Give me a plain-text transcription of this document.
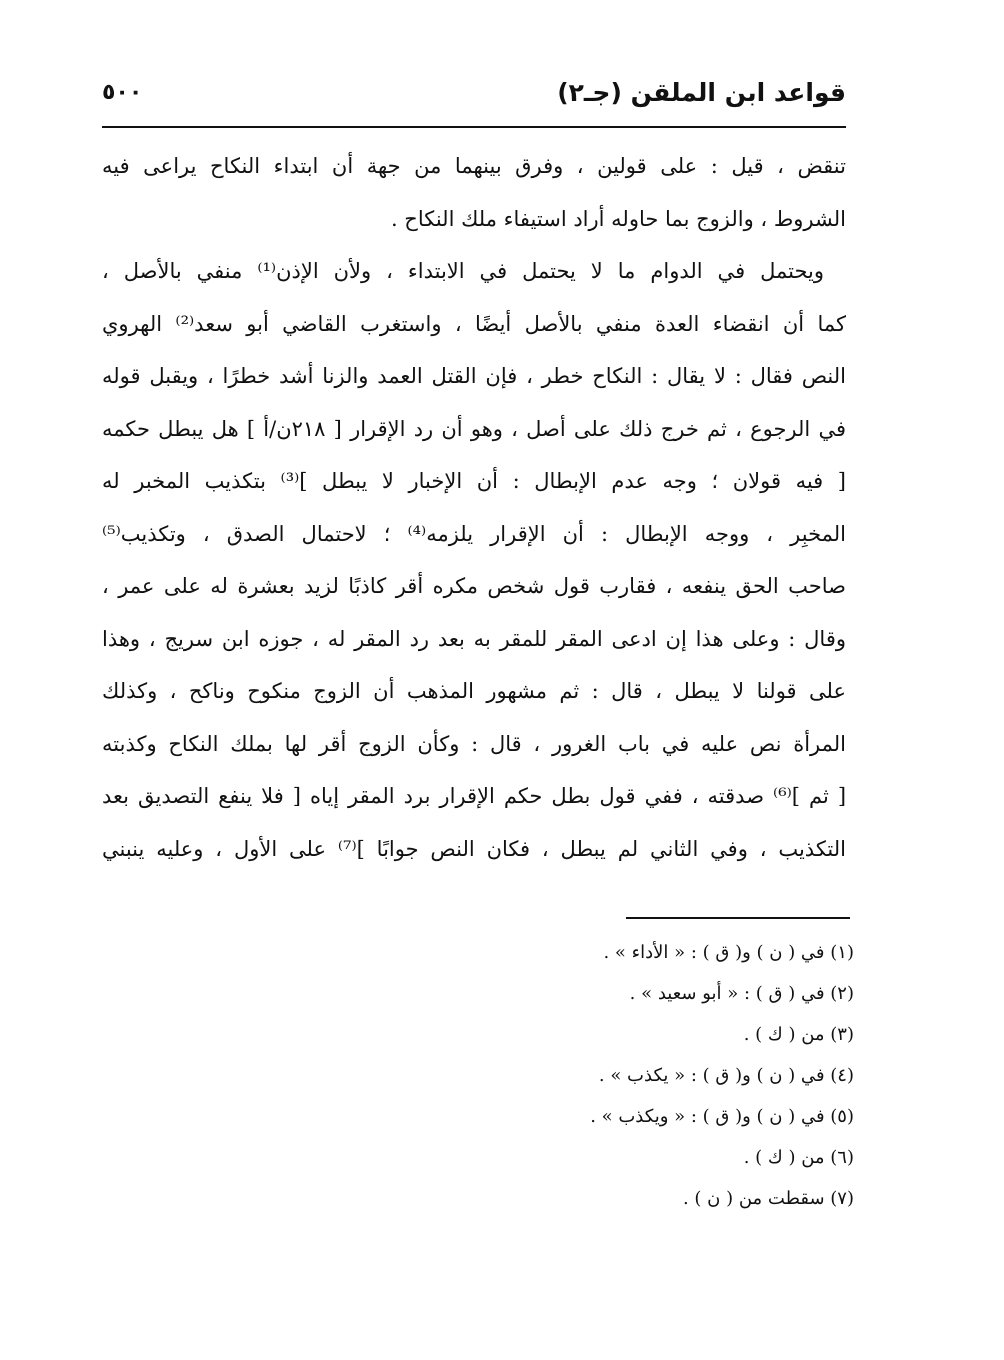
قواعد ابن الملقن (جـ٢)
٥٠٠
تنقض ، قيل : على قولين ، وفرق بينهما من جهة أن ابتداء النكاح يراعى فيه
الشروط ، والزوج بما حاوله أراد استيفاء ملك النكاح .
ويحتمل في الدوام ما لا يحتمل في الابتداء ، ولأن الإذن⁽¹⁾ منفي بالأصل ،
كما أن انقضاء العدة منفي بالأصل أيضًا ، واستغرب القاضي أبو سعد⁽²⁾ الهروي
النص فقال : لا يقال : النكاح خطر ، فإن القتل العمد والزنا أشد خطرًا ، ويقبل قوله
في الرجوع ، ثم خرج ذلك على أصل ، وهو أن رد الإقرار [ ٢١٨ن/أ ] هل يبطل حكمه
[ فيه قولان ؛ وجه عدم الإبطال : أن الإخبار لا يبطل ]⁽³⁾ بتكذيب المخبر له
المخبِر ، ووجه الإبطال : أن الإقرار يلزمه⁽⁴⁾ ؛ لاحتمال الصدق ، وتكذيب⁽⁵⁾
صاحب الحق ينفعه ، فقارب قول شخص مكره أقر كاذبًا لزيد بعشرة له على عمر ،
وقال : وعلى هذا إن ادعى المقر للمقر به بعد رد المقر له ، جوزه ابن سريج ، وهذا
على قولنا لا يبطل ، قال : ثم مشهور المذهب أن الزوج منكوح وناكح ، وكذلك
المرأة نص عليه في باب الغرور ، قال : وكأن الزوج أقر لها بملك النكاح وكذبته
[ ثم ]⁽⁶⁾ صدقته ، ففي قول بطل حكم الإقرار برد المقر إياه [ فلا ينفع التصديق بعد
التكذيب ، وفي الثاني لم يبطل ، فكان النص جوابًا ]⁽⁷⁾ على الأول ، وعليه ينبني
(١) في ( ن ) و( ق ) : « الأداء » .
(٢) في ( ق ) : « أبو سعيد » .
(٣) من ( ك ) .
(٤) في ( ن ) و( ق ) : « يكذب » .
(٥) في ( ن ) و( ق ) : « ويكذب » .
(٦) من ( ك ) .
(٧) سقطت من ( ن ) .
